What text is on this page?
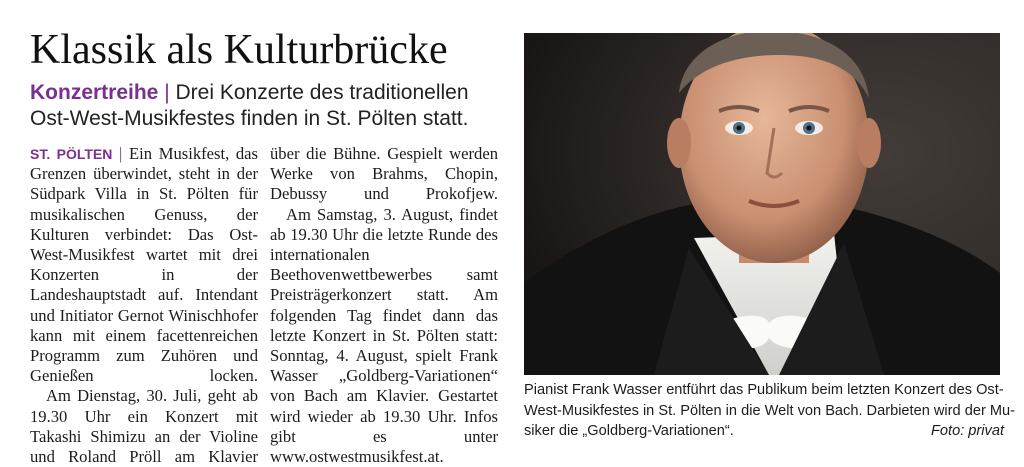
Klassik als Kulturbrücke
Konzertreihe | Drei Konzerte des traditionellen
Ost-West-Musikfestes finden in St. Pölten statt.

ST. PÖLTEN | Ein Musikfest, das Grenzen überwindet, steht in der Südpark Villa in St. Pölten für musikalischen Genuss, der Kulturen verbindet: Das Ost-West-Musikfest wartet mit drei Konzerten in der Landeshauptstadt auf. Intendant und Initiator Gernot Winischhofer kann mit einem facettenreichen Programm zum Zuhören und Genießen locken.

Am Dienstag, 30. Juli, geht ab 19.30 Uhr ein Konzert mit Takashi Shimizu an der Violine und Roland Pröll am Klavier

über die Bühne. Gespielt werden Werke von Brahms, Chopin, Debussy und Prokofjew.

Am Samstag, 3. August, findet ab 19.30 Uhr die letzte Runde des internationalen Beethovenwettbewerbes samt Preisträgerkonzert statt. Am folgenden Tag findet dann das letzte Konzert in St. Pölten statt: Sonntag, 4. August, spielt Frank Wasser „Goldberg-Variationen“ von Bach am Klavier. Gestartet wird wieder ab 19.30 Uhr. Infos gibt es unter www.ostwestmusikfest.at.

Pianist Frank Wasser entführt das Publikum beim letzten Konzert des Ost-
West-Musikfestes in St. Pölten in die Welt von Bach. Darbieten wird der Mu-
siker die „Goldberg-Variationen“.	Foto: privat
